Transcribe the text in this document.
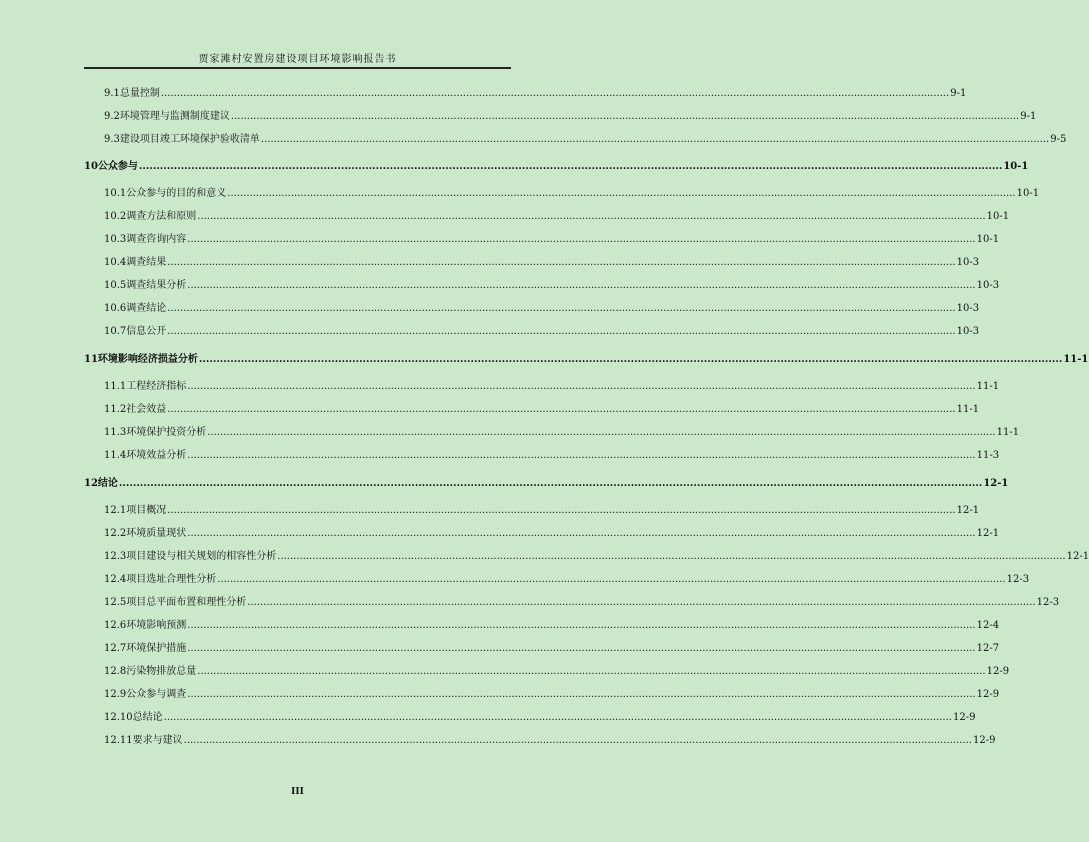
贾家滩村安置房建设项目环境影响报告书
9.1 总量控制 .....	9-1
9.2 环境管理与监测制度建议 .....	9-1
9.3 建设项目竣工环境保护验收清单 .....	9-5
10 公众参与 .....	10-1
10.1 公众参与的目的和意义 .....	10-1
10.2 调查方法和原则 .....	10-1
10.3 调查咨询内容 .....	10-1
10.4 调查结果 .....	10-3
10.5 调查结果分析 .....	10-3
10.6 调查结论 .....	10-3
10.7 信息公开 .....	10-3
11 环境影响经济损益分析 .....	11-1
11.1 工程经济指标 .....	11-1
11.2 社会效益 .....	11-1
11.3 环境保护投资分析 .....	11-1
11.4 环境效益分析 .....	11-3
12 结论 .....	12-1
12.1 项目概况 .....	12-1
12.2 环境质量现状 .....	12-1
12.3 项目建设与相关规划的相容性分析 .....	12-1
12.4 项目选址合理性分析 .....	12-3
12.5 项目总平面布置和理性分析 .....	12-3
12.6 环境影响预测 .....	12-4
12.7 环境保护措施 .....	12-7
12.8 污染物排放总量 .....	12-9
12.9 公众参与调查 .....	12-9
12.10 总结论 .....	12-9
12.11 要求与建议 .....	12-9
III
